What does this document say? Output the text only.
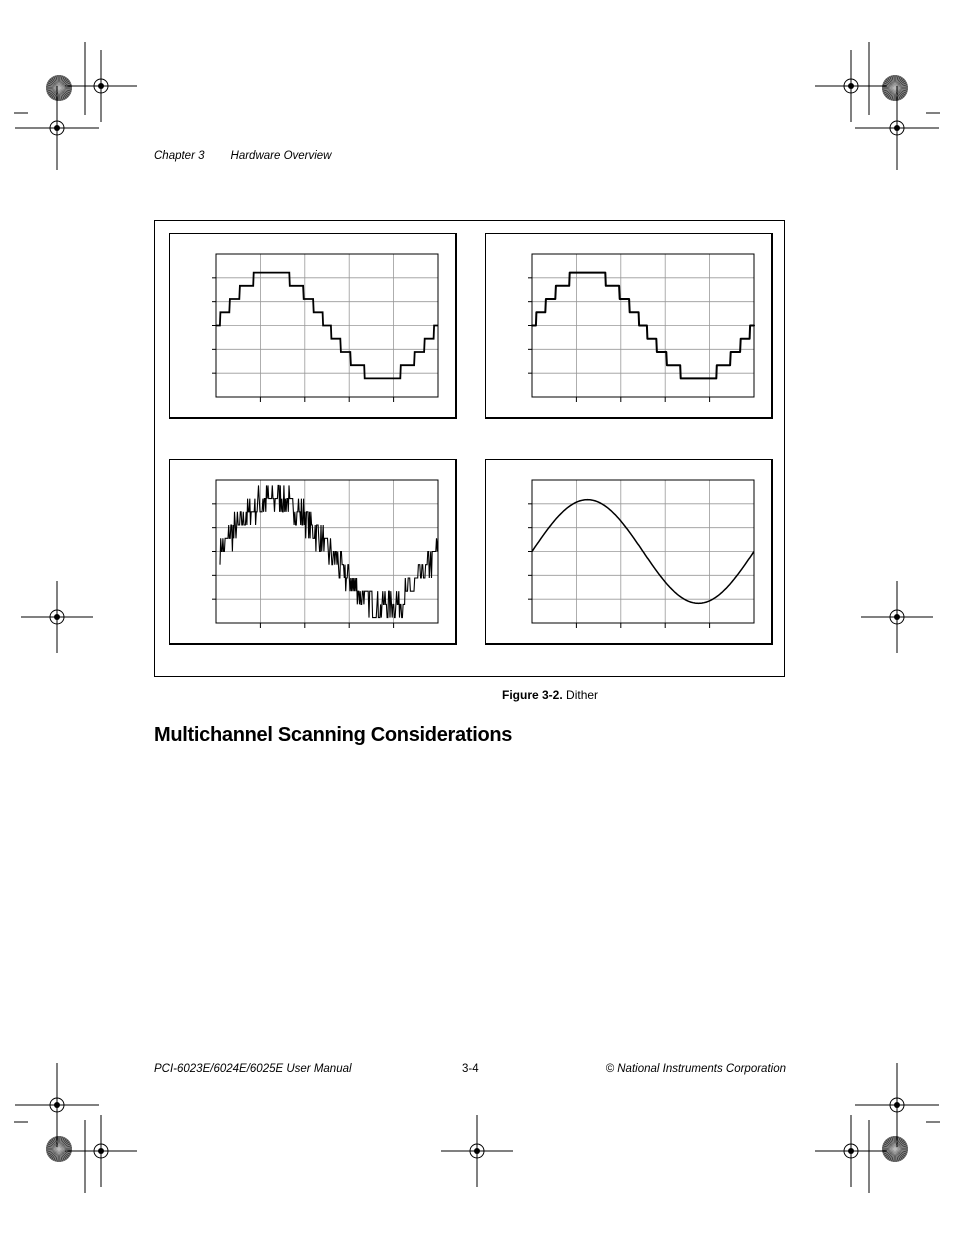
Chapter 3 Hardware Overview
Figure 3-2. Dither
Multichannel Scanning Considerations
PCI-6023E/6024E/6025E User Manual	3-4	© National Instruments Corporation
